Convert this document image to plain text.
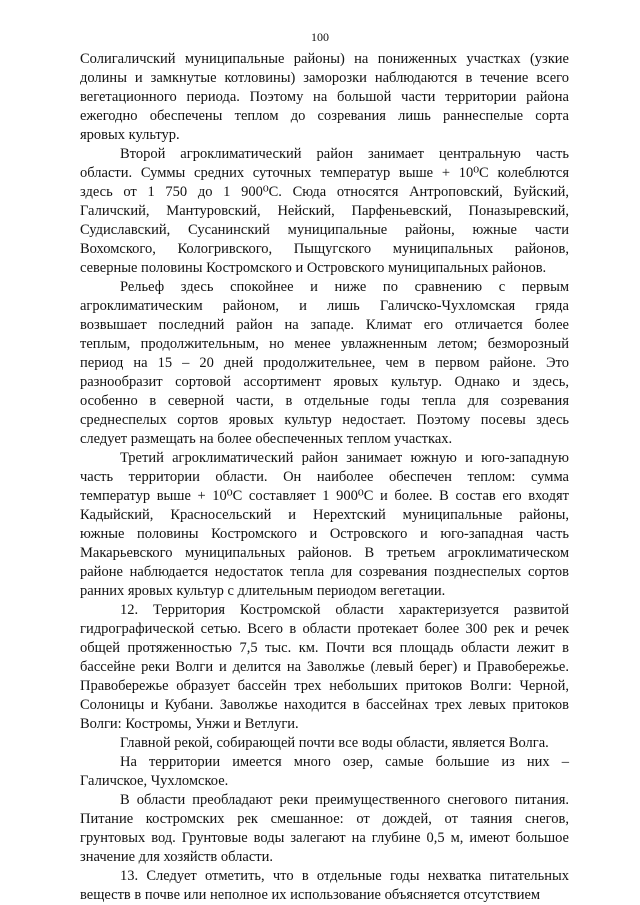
100
Солигаличский муниципальные районы) на пониженных участках (узкие
долины и замкнутые котловины) заморозки наблюдаются в течение всего
вегетационного периода. Поэтому на большой части территории района
ежегодно обеспечены теплом до созревания лишь раннеспелые сорта
яровых культур.
Второй агроклиматический район занимает центральную часть
области. Суммы средних суточных температур выше + 10⁰С колеблются
здесь от 1 750 до 1 900⁰С. Сюда относятся Антроповский, Буйский,
Галичский, Мантуровский, Нейский, Парфеньевский, Поназыревский,
Судиславский, Сусанинский муниципальные районы, южные части
Вохомского, Кологривского, Пыщугского муниципальных районов,
северные половины Костромского и Островского муниципальных районов.
Рельеф здесь спокойнее и ниже по сравнению с первым
агроклиматическим районом, и лишь Галичско-Чухломская гряда
возвышает последний район на западе. Климат его отличается более
теплым, продолжительным, но менее увлажненным летом; безморозный
период на 15 – 20 дней продолжительнее, чем в первом районе. Это
разнообразит сортовой ассортимент яровых культур. Однако и здесь,
особенно в северной части, в отдельные годы тепла для созревания
среднеспелых сортов яровых культур недостает. Поэтому посевы здесь
следует размещать на более обеспеченных теплом участках.
Третий агроклиматический район занимает южную и юго-западную
часть территории области. Он наиболее обеспечен теплом: сумма
температур выше + 10⁰С составляет 1 900⁰С и более. В состав его входят
Кадыйский, Красносельский и Нерехтский муниципальные районы,
южные половины Костромского и Островского и юго-западная часть
Макарьевского муниципальных районов. В третьем агроклиматическом
районе наблюдается недостаток тепла для созревания позднеспелых сортов
ранних яровых культур с длительным периодом вегетации.
12. Территория Костромской области характеризуется развитой
гидрографической сетью. Всего в области протекает более 300 рек и речек
общей протяженностью 7,5 тыс. км. Почти вся площадь области лежит в
бассейне реки Волги и делится на Заволжье (левый берег) и Правобережье.
Правобережье образует бассейн трех небольших притоков Волги: Черной,
Солоницы и Кубани. Заволжье находится в бассейнах трех левых притоков
Волги: Костромы, Унжи и Ветлуги.
Главной рекой, собирающей почти все воды области, является Волга.
На территории имеется много озер, самые большие из них –
Галичское, Чухломское.
В области преобладают реки преимущественного снегового питания.
Питание костромских рек смешанное: от дождей, от таяния снегов,
грунтовых вод. Грунтовые воды залегают на глубине 0,5 м, имеют большое
значение для хозяйств области.
13. Следует отметить, что в отдельные годы нехватка питательных
веществ в почве или неполное их использование объясняется отсутствием
